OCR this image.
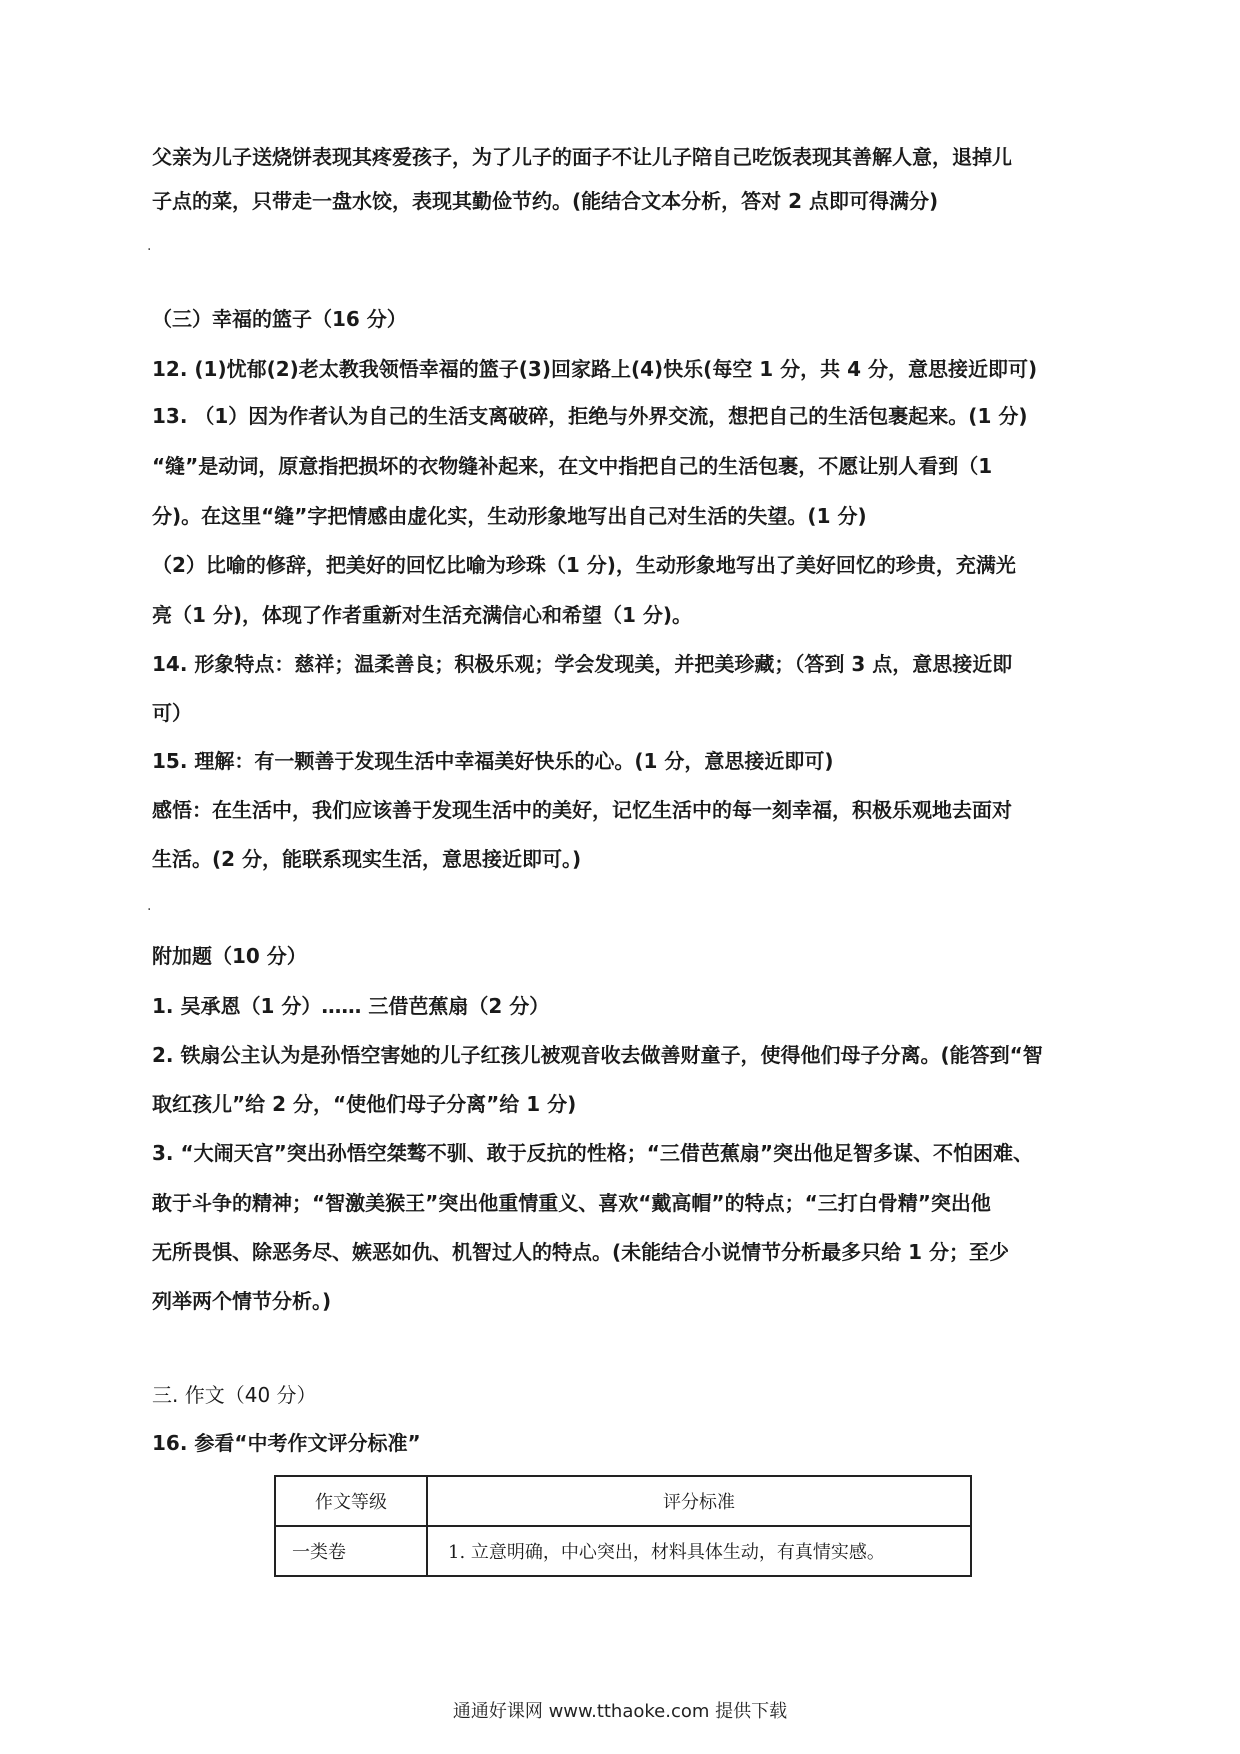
父亲为儿子送烧饼表现其疼爱孩子，为了儿子的面子不让儿子陪自己吃饭表现其善解人意，退掉儿
子点的菜，只带走一盘水饺，表现其勤俭节约。(能结合文本分析，答对 2 点即可得满分)
.
（三）幸福的篮子（16 分）
12. (1)忧郁(2)老太教我领悟幸福的篮子(3)回家路上(4)快乐(每空 1 分，共 4 分，意思接近即可)
13. （1）因为作者认为自己的生活支离破碎，拒绝与外界交流，想把自己的生活包裹起来。(1 分)
“缝”是动词，原意指把损坏的衣物缝补起来，在文中指把自己的生活包裹，不愿让别人看到（1
分)。在这里“缝”字把情感由虚化实，生动形象地写出自己对生活的失望。(1 分)
（2）比喻的修辞，把美好的回忆比喻为珍珠（1 分)，生动形象地写出了美好回忆的珍贵，充满光
亮（1 分)，体现了作者重新对生活充满信心和希望（1 分)。
14. 形象特点：慈祥；温柔善良；积极乐观；学会发现美，并把美珍藏；（答到 3 点，意思接近即
可）
15. 理解：有一颗善于发现生活中幸福美好快乐的心。(1 分，意思接近即可)
感悟：在生活中，我们应该善于发现生活中的美好，记忆生活中的每一刻幸福，积极乐观地去面对
生活。(2 分，能联系现实生活，意思接近即可。)
.
附加题（10 分）
1. 吴承恩（1 分）…… 三借芭蕉扇（2 分）
2. 铁扇公主认为是孙悟空害她的儿子红孩儿被观音收去做善财童子，使得他们母子分离。(能答到“智
取红孩儿”给 2 分，“使他们母子分离”给 1 分)
3. “大闹天宫”突出孙悟空桀骜不驯、敢于反抗的性格；“三借芭蕉扇”突出他足智多谋、不怕困难、
敢于斗争的精神；“智激美猴王”突出他重情重义、喜欢“戴高帽”的特点；“三打白骨精”突出他
无所畏惧、除恶务尽、嫉恶如仇、机智过人的特点。(未能结合小说情节分析最多只给 1 分；至少
列举两个情节分析。)
三. 作文（40 分）
16. 参看“中考作文评分标准”
作文等级	评分标准
一类卷	1. 立意明确，中心突出，材料具体生动，有真情实感。
通通好课网 www.tthaoke.com 提供下载
